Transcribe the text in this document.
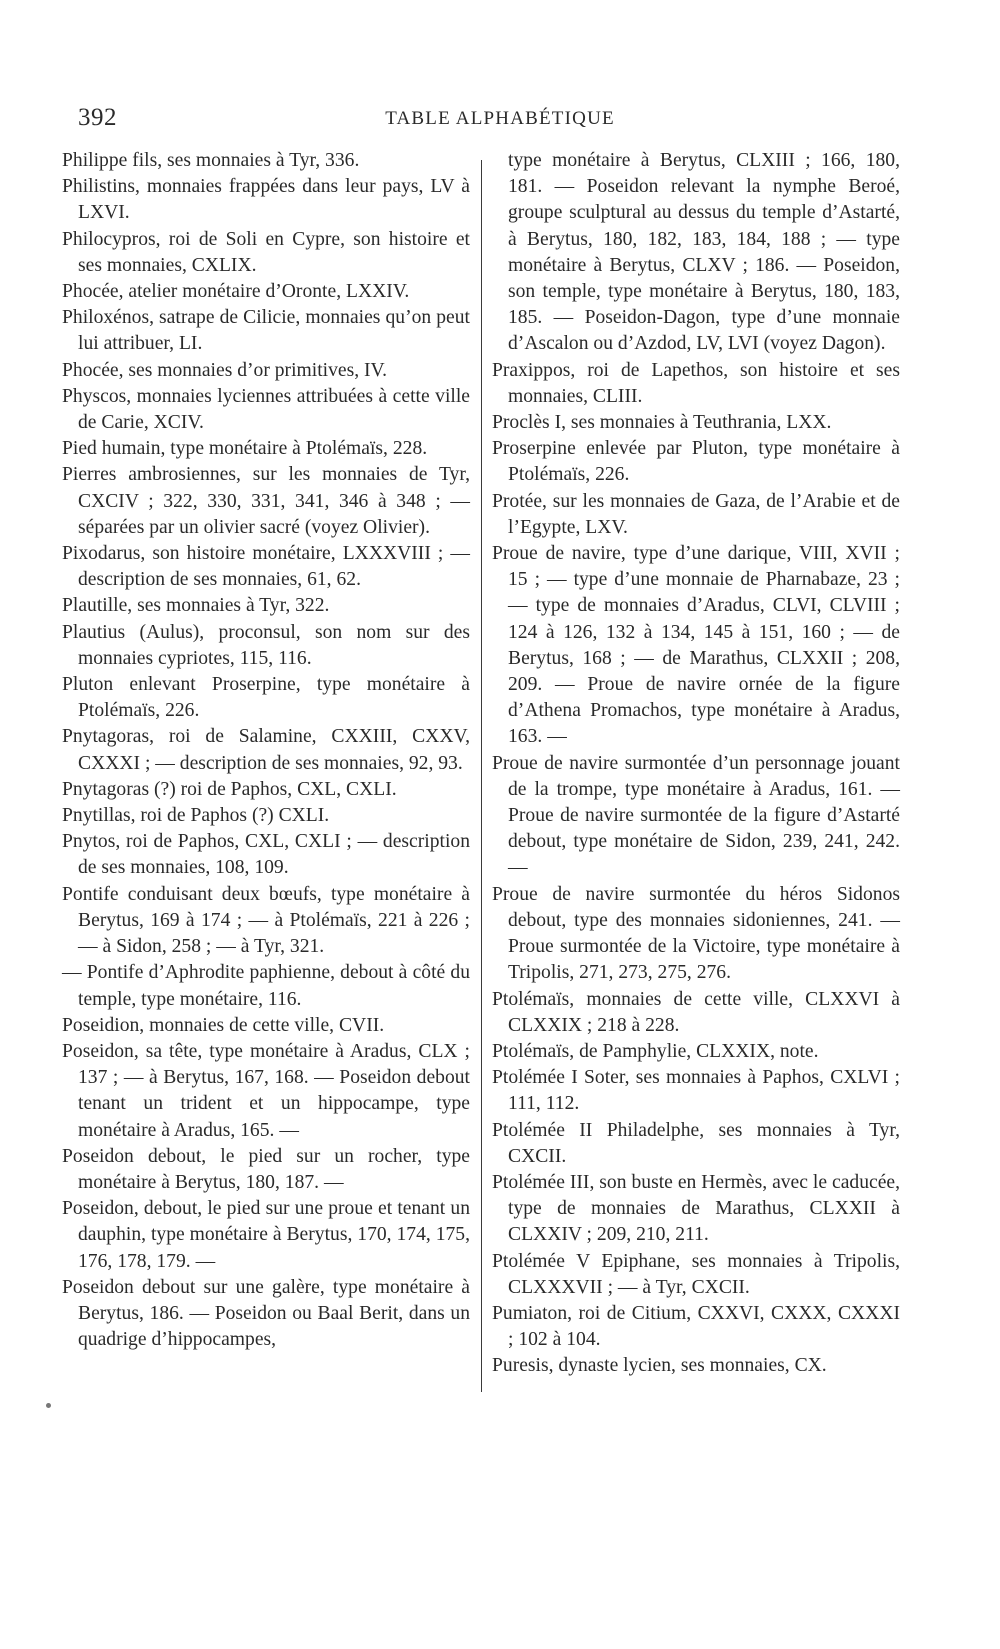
392	TABLE ALPHABÉTIQUE

Philippe fils, ses monnaies à Tyr, 336.

Philistins, monnaies frappées dans leur pays, LV à LXVI.

Philocypros, roi de Soli en Cypre, son histoire et ses monnaies, CXLIX.

Phocée, atelier monétaire d’Oronte, LXXIV.

Philoxénos, satrape de Cilicie, monnaies qu’on peut lui attribuer, LI.

Phocée, ses monnaies d’or primitives, IV.

Physcos, monnaies lyciennes attribuées à cette ville de Carie, XCIV.

Pied humain, type monétaire à Ptolémaïs, 228.

Pierres ambrosiennes, sur les monnaies de Tyr, CXCIV ; 322, 330, 331, 341, 346 à 348 ; — séparées par un olivier sacré (voyez Olivier).

Pixodarus, son histoire monétaire, LXXXVIII ; — description de ses monnaies, 61, 62.

Plautille, ses monnaies à Tyr, 322.

Plautius (Aulus), proconsul, son nom sur des monnaies cypriotes, 115, 116.

Pluton enlevant Proserpine, type monétaire à Ptolémaïs, 226.

Pnytagoras, roi de Salamine, CXXIII, CXXV, CXXXI ; — description de ses monnaies, 92, 93.

Pnytagoras (?) roi de Paphos, CXL, CXLI.

Pnytillas, roi de Paphos (?) CXLI.

Pnytos, roi de Paphos, CXL, CXLI ; — description de ses monnaies, 108, 109.

Pontife conduisant deux bœufs, type monétaire à Berytus, 169 à 174 ; — à Ptolémaïs, 221 à 226 ; — à Sidon, 258 ; — à Tyr, 321.

— Pontife d’Aphrodite paphienne, debout à côté du temple, type monétaire, 116.

Poseidion, monnaies de cette ville, CVII.

Poseidon, sa tête, type monétaire à Aradus, CLX ; 137 ; — à Berytus, 167, 168. — Poseidon debout tenant un trident et un hippocampe, type monétaire à Aradus, 165. —

Poseidon debout, le pied sur un rocher, type monétaire à Berytus, 180, 187. —

Poseidon, debout, le pied sur une proue et tenant un dauphin, type monétaire à Berytus, 170, 174, 175, 176, 178, 179. —

Poseidon debout sur une galère, type monétaire à Berytus, 186. — Poseidon ou Baal Berit, dans un quadrige d’hippocampes,

type monétaire à Berytus, CLXIII ; 166, 180, 181. — Poseidon relevant la nymphe Beroé, groupe sculptural au dessus du temple d’Astarté, à Berytus, 180, 182, 183, 184, 188 ; — type monétaire à Berytus, CLXV ; 186. — Poseidon, son temple, type monétaire à Berytus, 180, 183, 185. — Poseidon-Dagon, type d’une monnaie d’Ascalon ou d’Azdod, LV, LVI (voyez Dagon).

Praxippos, roi de Lapethos, son histoire et ses monnaies, CLIII.

Proclès I, ses monnaies à Teuthrania, LXX.

Proserpine enlevée par Pluton, type monétaire à Ptolémaïs, 226.

Protée, sur les monnaies de Gaza, de l’Arabie et de l’Egypte, LXV.

Proue de navire, type d’une darique, VIII, XVII ; 15 ; — type d’une monnaie de Pharnabaze, 23 ; — type de monnaies d’Aradus, CLVI, CLVIII ; 124 à 126, 132 à 134, 145 à 151, 160 ; — de Berytus, 168 ; — de Marathus, CLXXII ; 208, 209. — Proue de navire ornée de la figure d’Athena Promachos, type monétaire à Aradus, 163. —

Proue de navire surmontée d’un personnage jouant de la trompe, type monétaire à Aradus, 161. — Proue de navire surmontée de la figure d’Astarté debout, type monétaire de Sidon, 239, 241, 242. —

Proue de navire surmontée du héros Sidonos debout, type des monnaies sidoniennes, 241. — Proue surmontée de la Victoire, type monétaire à Tripolis, 271, 273, 275, 276.

Ptolémaïs, monnaies de cette ville, CLXXVI à CLXXIX ; 218 à 228.

Ptolémaïs, de Pamphylie, CLXXIX, note.

Ptolémée I Soter, ses monnaies à Paphos, CXLVI ; 111, 112.

Ptolémée II Philadelphe, ses monnaies à Tyr, CXCII.

Ptolémée III, son buste en Hermès, avec le caducée, type de monnaies de Marathus, CLXXII à CLXXIV ; 209, 210, 211.

Ptolémée V Epiphane, ses monnaies à Tripolis, CLXXXVII ; — à Tyr, CXCII.

Pumiaton, roi de Citium, CXXVI, CXXX, CXXXI ; 102 à 104.

Puresis, dynaste lycien, ses monnaies, CX.
